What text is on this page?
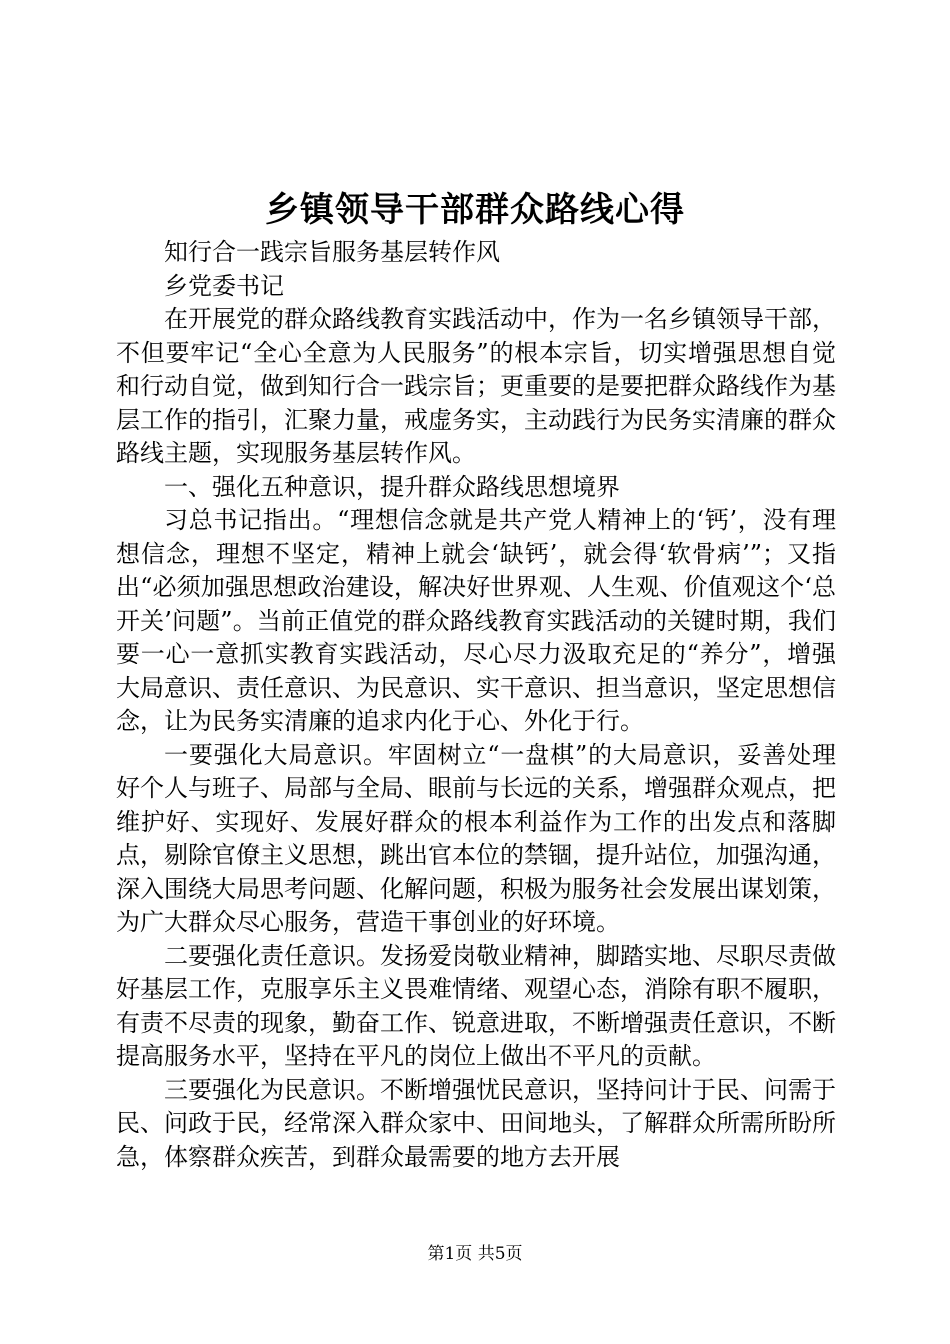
乡镇领导干部群众路线心得

知行合一践宗旨服务基层转作风

乡党委书记

在开展党的群众路线教育实践活动中，作为一名乡镇领导干部，不但要牢记“全心全意为人民服务”的根本宗旨，切实增强思想自觉和行动自觉，做到知行合一践宗旨；更重要的是要把群众路线作为基层工作的指引，汇聚力量，戒虚务实，主动践行为民务实清廉的群众路线主题，实现服务基层转作风。

一、强化五种意识，提升群众路线思想境界

习总书记指出。“理想信念就是共产党人精神上的‘钙’，没有理想信念，理想不坚定，精神上就会‘缺钙’，就会得‘软骨病’”；又指出“必须加强思想政治建设，解决好世界观、人生观、价值观这个‘总开关’问题”。当前正值党的群众路线教育实践活动的关键时期，我们要一心一意抓实教育实践活动，尽心尽力汲取充足的“养分”，增强大局意识、责任意识、为民意识、实干意识、担当意识，坚定思想信念，让为民务实清廉的追求内化于心、外化于行。

一要强化大局意识。牢固树立“一盘棋”的大局意识，妥善处理好个人与班子、局部与全局、眼前与长远的关系，增强群众观点，把维护好、实现好、发展好群众的根本利益作为工作的出发点和落脚点，剔除官僚主义思想，跳出官本位的禁锢，提升站位，加强沟通，深入围绕大局思考问题、化解问题，积极为服务社会发展出谋划策，为广大群众尽心服务，营造干事创业的好环境。

二要强化责任意识。发扬爱岗敬业精神，脚踏实地、尽职尽责做好基层工作，克服享乐主义畏难情绪、观望心态，消除有职不履职，有责不尽责的现象，勤奋工作、锐意进取，不断增强责任意识，不断提高服务水平，坚持在平凡的岗位上做出不平凡的贡献。

三要强化为民意识。不断增强忧民意识，坚持问计于民、问需于民、问政于民，经常深入群众家中、田间地头，了解群众所需所盼所急，体察群众疾苦，到群众最需要的地方去开展

第1页 共5页
